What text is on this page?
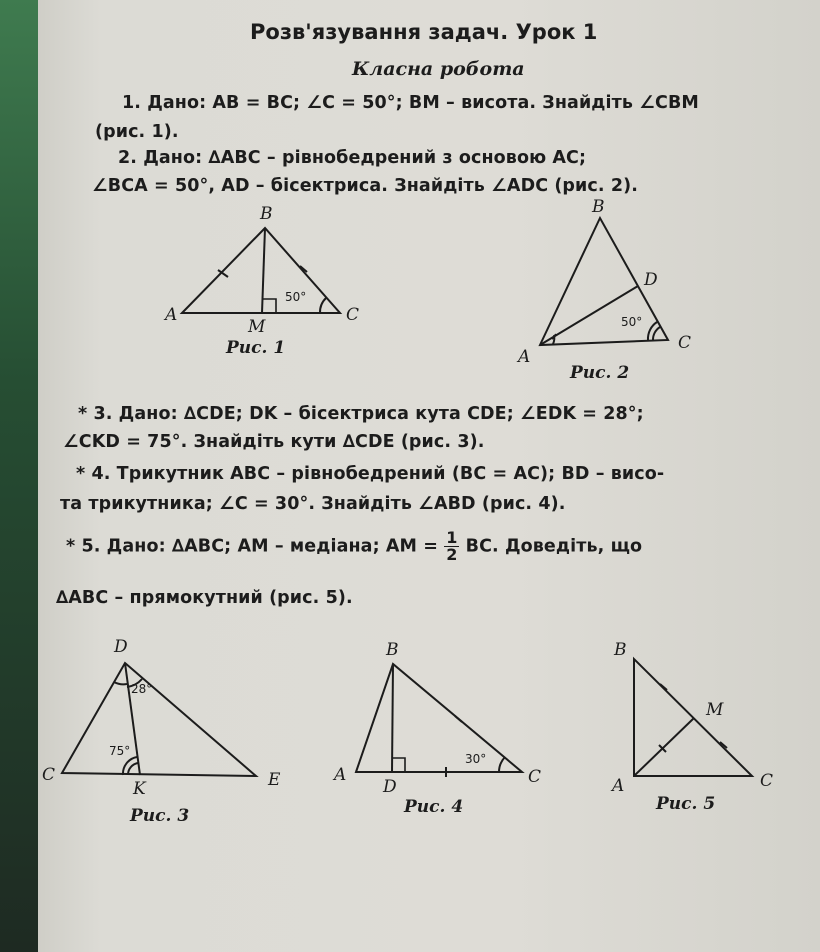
Розв'язування задач. Урок 1
Класна робота
1. Дано: AB = BC; ∠C = 50°; BM – висота. Знайдіть ∠CBM
(рис. 1).
2. Дано: ∆ABC – рівнобедрений з основою AC;
∠BCA = 50°, AD – бісектриса. Знайдіть ∠ADC (рис. 2).
B
A	C
M
50°
Рис. 1
B
D
A
C
50°
Рис. 2
* 3. Дано: ∆CDE; DK – бісектриса кута CDE; ∠EDK = 28°;
∠CKD = 75°. Знайдіть кути ∆CDE (рис. 3).
* 4. Трикутник ABC – рівнобедрений (BC = AC); BD – висо-
та трикутника; ∠C = 30°. Знайдіть ∠ABD (рис. 4).
* 5. Дано: ∆ABC; AM – медіана; AM = $\frac{1}{2}$ BC. Доведіть, що
∆ABC – прямокутний (рис. 5).
D
C	E
K
28°
75°
Рис. 3
B
A	C
D
30°
Рис. 4
B
M
A	C
Рис. 5
